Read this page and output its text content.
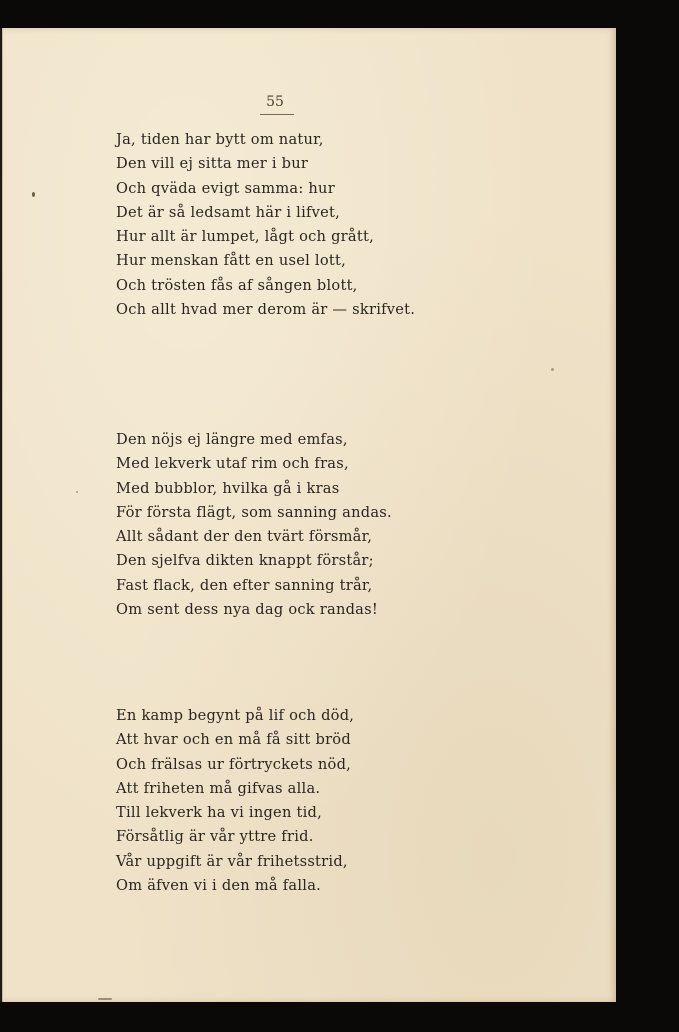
55
Ja, tiden har bytt om natur,
Den vill ej sitta mer i bur
Och qväda evigt samma: hur
Det är så ledsamt här i lifvet,
Hur allt är lumpet, lågt och grått,
Hur menskan fått en usel lott,
Och trösten fås af sången blott,
Och allt hvad mer derom är — skrifvet.
Den nöjs ej längre med emfas,
Med lekverk utaf rim och fras,
Med bubblor, hvilka gå i kras
För första flägt, som sanning andas.
Allt sådant der den tvärt försmår,
Den sjelfva dikten knappt förstår;
Fast flack, den efter sanning trår,
Om sent dess nya dag ock randas!
En kamp begynt på lif och död,
Att hvar och en må få sitt bröd
Och frälsas ur förtryckets nöd,
Att friheten må gifvas alla.
Till lekverk ha vi ingen tid,
Försåtlig är vår yttre frid.
Vår uppgift är vår frihetsstrid,
Om äfven vi i den må falla.
